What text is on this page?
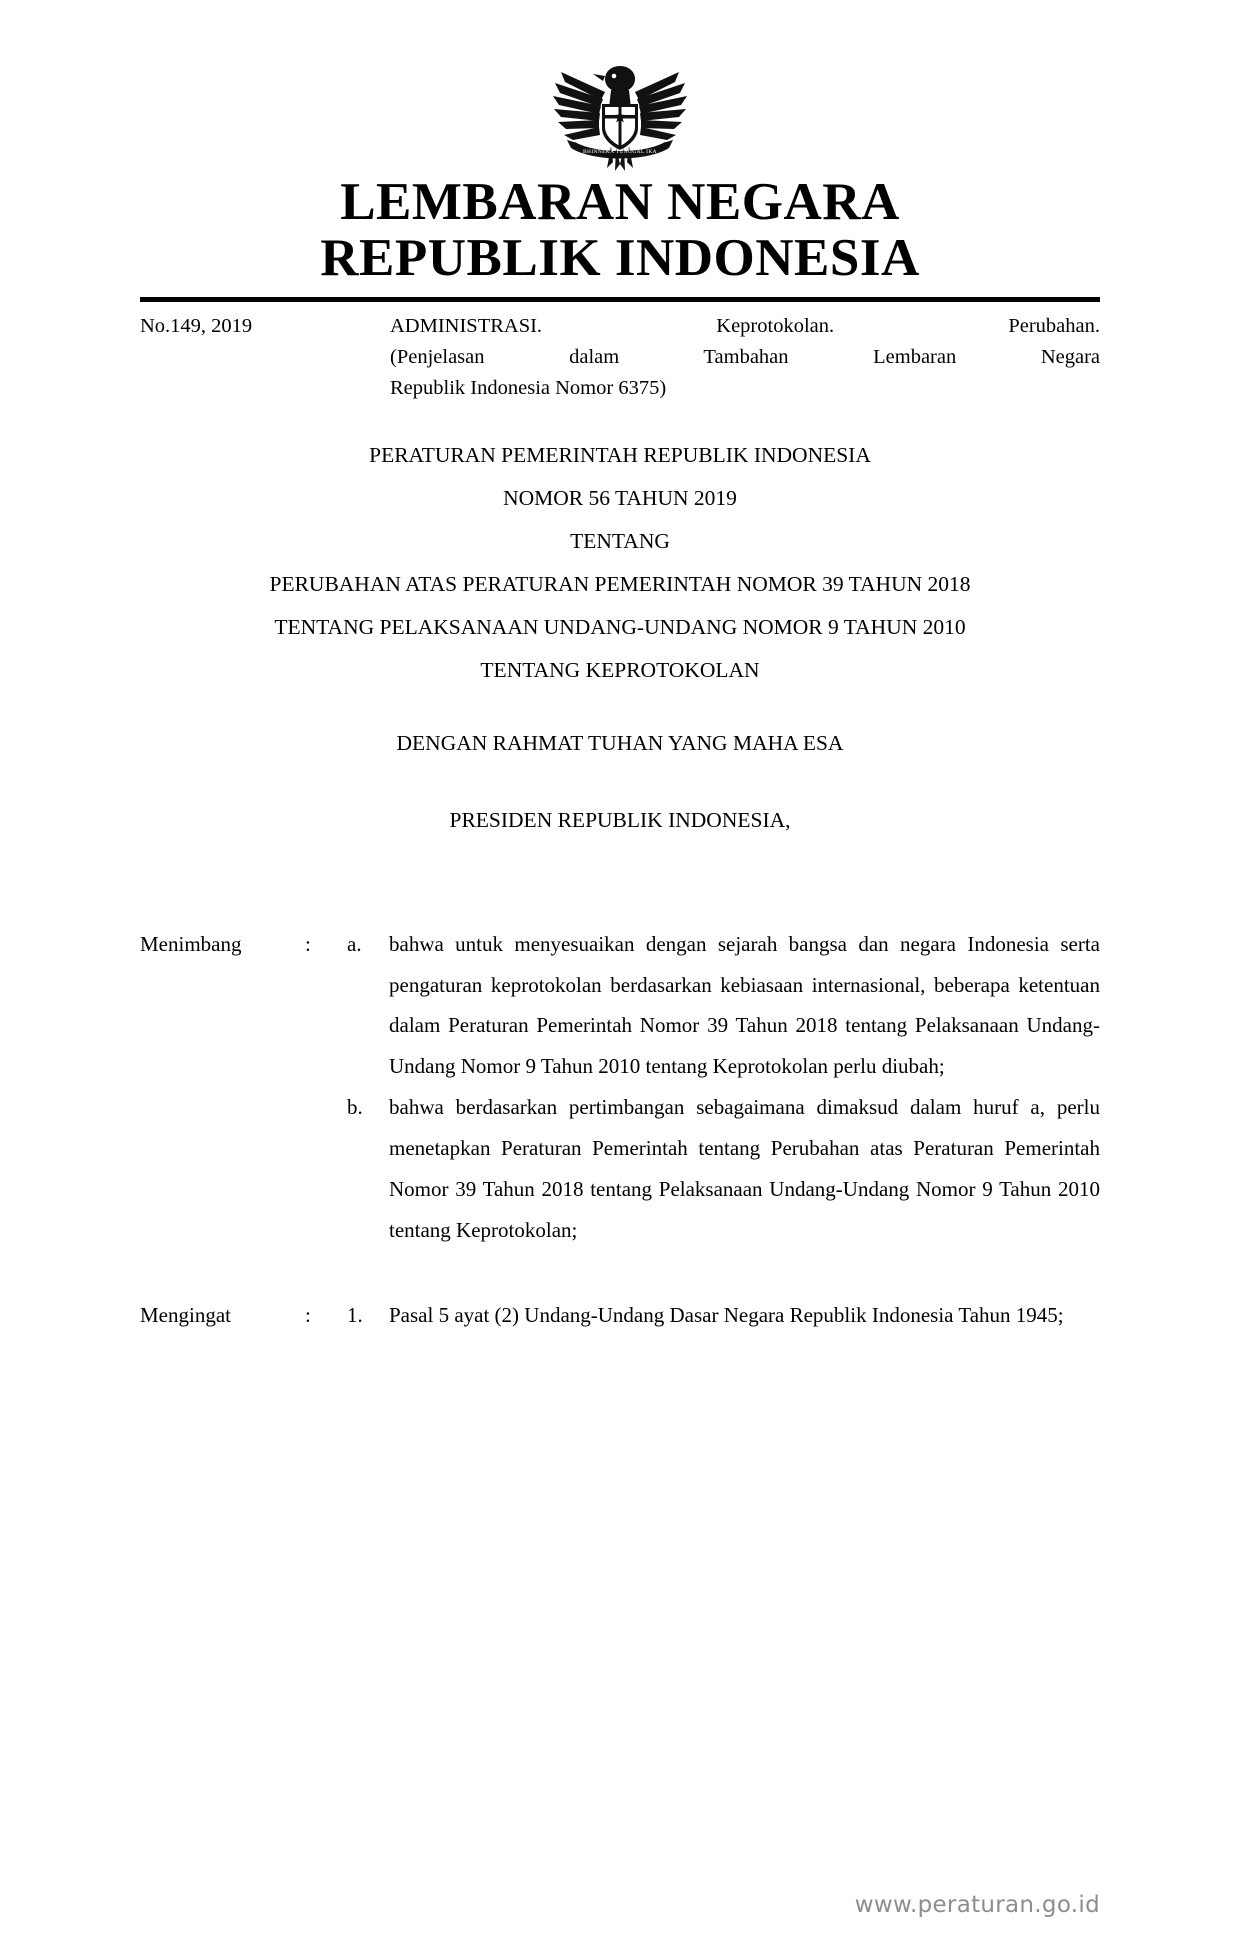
BHINNEKA TUNGGAL IKA
LEMBARAN NEGARA
REPUBLIK INDONESIA
No.149, 2019	ADMINISTRASI. Keprotokolan. Perubahan.
(Penjelasan dalam Tambahan Lembaran Negara
Republik Indonesia Nomor 6375)
PERATURAN PEMERINTAH REPUBLIK INDONESIA
NOMOR 56 TAHUN 2019
TENTANG
PERUBAHAN ATAS PERATURAN PEMERINTAH NOMOR 39 TAHUN 2018
TENTANG PELAKSANAAN UNDANG-UNDANG NOMOR 9 TAHUN 2010
TENTANG KEPROTOKOLAN
DENGAN RAHMAT TUHAN YANG MAHA ESA
PRESIDEN REPUBLIK INDONESIA,
Menimbang	:	a.	bahwa untuk menyesuaikan dengan sejarah bangsa dan negara Indonesia serta pengaturan keprotokolan berdasarkan kebiasaan internasional, beberapa ketentuan dalam Peraturan Pemerintah Nomor 39 Tahun 2018 tentang Pelaksanaan Undang-Undang Nomor 9 Tahun 2010 tentang Keprotokolan perlu diubah;
b.	bahwa berdasarkan pertimbangan sebagaimana dimaksud dalam huruf a, perlu menetapkan Peraturan Pemerintah tentang Perubahan atas Peraturan Pemerintah Nomor 39 Tahun 2018 tentang Pelaksanaan Undang-Undang Nomor 9 Tahun 2010 tentang Keprotokolan;
Mengingat	:	1.	Pasal 5 ayat (2) Undang-Undang Dasar Negara Republik Indonesia Tahun 1945;
www.peraturan.go.id
